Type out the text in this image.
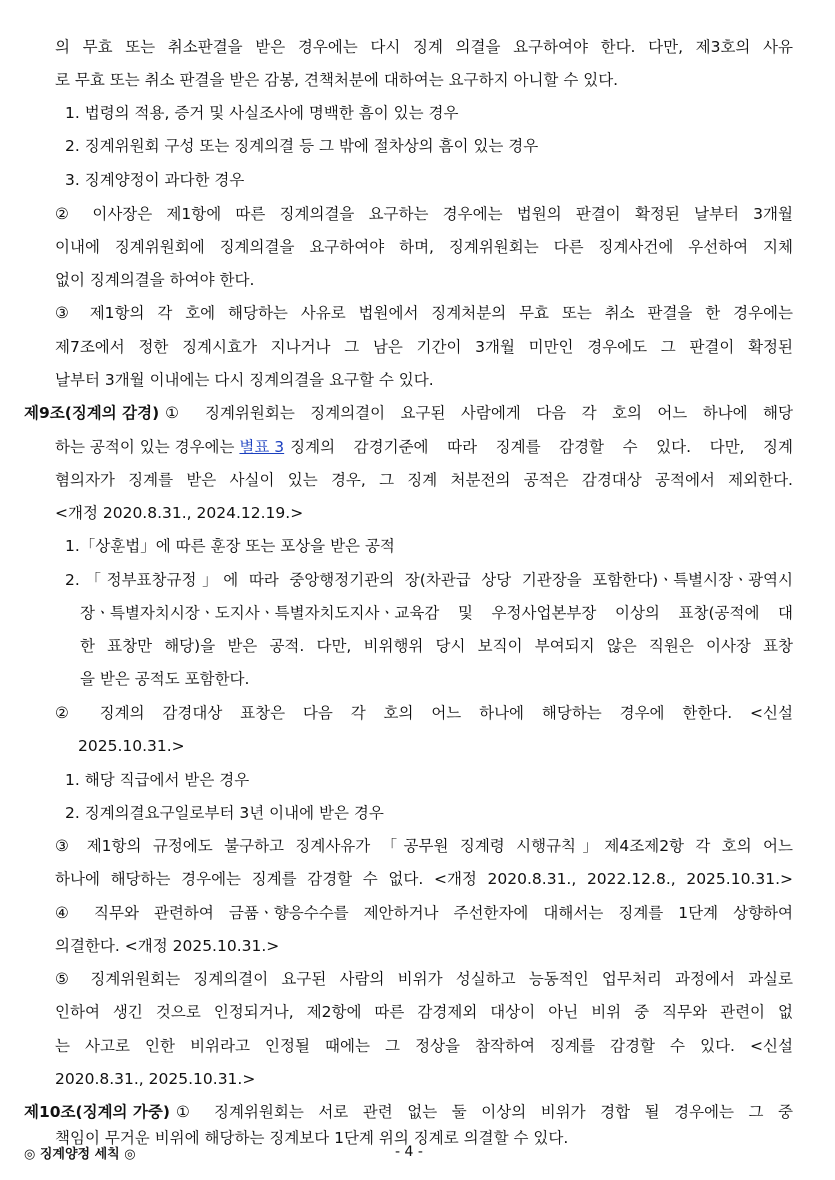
의 무효 또는 취소판결을 받은 경우에는 다시 징계 의결을 요구하여야 한다. 다만, 제3호의 사유
로 무효 또는 취소 판결을 받은 감봉, 견책처분에 대하여는 요구하지 아니할 수 있다.
1. 법령의 적용, 증거 및 사실조사에 명백한 흠이 있는 경우
2. 징계위원회 구성 또는 징계의결 등 그 밖에 절차상의 흠이 있는 경우
3. 징계양정이 과다한 경우
② 이사장은 제1항에 따른 징계의결을 요구하는 경우에는 법원의 판결이 확정된 날부터 3개월
이내에 징계위원회에 징계의결을 요구하여야 하며, 징계위원회는 다른 징계사건에 우선하여 지체
없이 징계의결을 하여야 한다.
③ 제1항의 각 호에 해당하는 사유로 법원에서 징계처분의 무효 또는 취소 판결을 한 경우에는
제7조에서 정한 징계시효가 지나거나 그 남은 기간이 3개월 미만인 경우에도 그 판결이 확정된
날부터 3개월 이내에는 다시 징계의결을 요구할 수 있다.
제9조(징계의 감경) ① 징계위원회는 징계의결이 요구된 사람에게 다음 각 호의 어느 하나에 해당
하는 공적이 있는 경우에는 별표 3 징계의 감경기준에 따라 징계를 감경할 수 있다. 다만, 징계
혐의자가 징계를 받은 사실이 있는 경우, 그 징계 처분전의 공적은 감경대상 공적에서 제외한다.
<개정 2020.8.31., 2024.12.19.>
1.「상훈법」에 따른 훈장 또는 포상을 받은 공적
2.「정부표창규정」에 따라 중앙행정기관의 장(차관급 상당 기관장을 포함한다)ㆍ특별시장ㆍ광역시
장ㆍ특별자치시장ㆍ도지사ㆍ특별자치도지사ㆍ교육감 및 우정사업본부장 이상의 표창(공적에 대
한 표창만 해당)을 받은 공적. 다만, 비위행위 당시 보직이 부여되지 않은 직원은 이사장 표창
을 받은 공적도 포함한다.
② 징계의 감경대상 표창은 다음 각 호의 어느 하나에 해당하는 경우에 한한다. <신설
2025.10.31.>
1. 해당 직급에서 받은 경우
2. 징계의결요구일로부터 3년 이내에 받은 경우
③ 제1항의 규정에도 불구하고 징계사유가 「공무원 징계령 시행규칙」제4조제2항 각 호의 어느
하나에 해당하는 경우에는 징계를 감경할 수 없다. <개정 2020.8.31., 2022.12.8., 2025.10.31.>
④ 직무와 관련하여 금품ㆍ향응수수를 제안하거나 주선한자에 대해서는 징계를 1단계 상향하여
의결한다. <개정 2025.10.31.>
⑤ 징계위원회는 징계의결이 요구된 사람의 비위가 성실하고 능동적인 업무처리 과정에서 과실로
인하여 생긴 것으로 인정되거나, 제2항에 따른 감경제외 대상이 아닌 비위 중 직무와 관련이 없
는 사고로 인한 비위라고 인정될 때에는 그 정상을 참작하여 징계를 감경할 수 있다. <신설
2020.8.31., 2025.10.31.>
제10조(징계의 가중) ① 징계위원회는 서로 관련 없는 둘 이상의 비위가 경합 될 경우에는 그 중
책임이 무거운 비위에 해당하는 징계보다 1단계 위의 징계로 의결할 수 있다.
◎ 징계양정 세칙 ◎	- 4 -
